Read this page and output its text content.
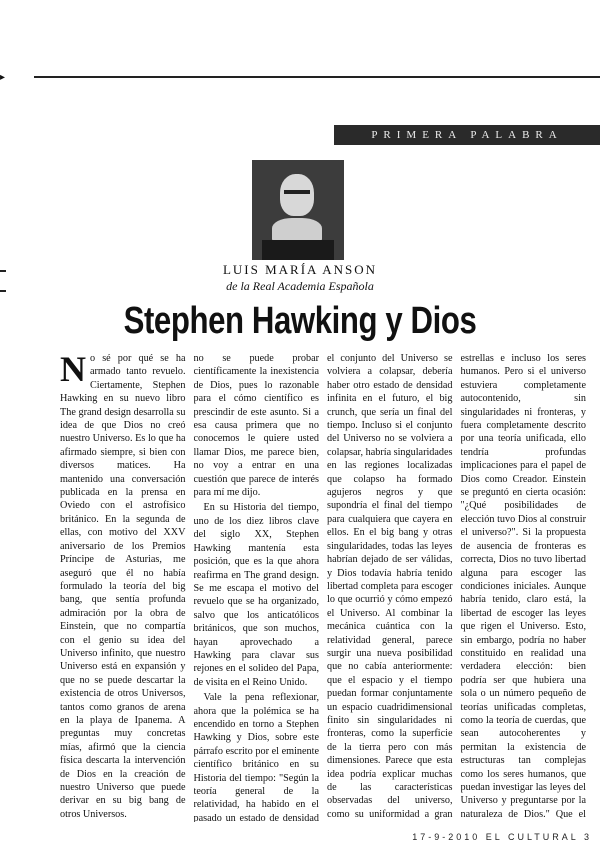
▸
PRIMERA PALABRA
LUIS MARÍA ANSON
de la Real Academia Española
Stephen Hawking y Dios

No sé por qué se ha armado tanto revuelo. Ciertamente, Stephen Hawking en su nuevo libro The grand design desarrolla su idea de que Dios no creó nuestro Universo. Es lo que ha afirmado siempre, si bien con diversos matices. Ha mantenido una conversación publicada en la prensa en Oviedo con el astrofísico británico. En la segunda de ellas, con motivo del XXV aniversario de los Premios Príncipe de Asturias, me aseguró que él no había formulado la teoría del big bang, que sentía profunda admiración por la obra de Einstein, que no compartía con el genio su idea del Universo infinito, que nuestro Universo está en expansión y que no se puede descartar la existencia de otros Universos, tantos como granos de arena en la playa de Ipanema. A preguntas muy concretas mías, afirmó que la ciencia física descarta la intervención de Dios en la creación de nuestro Universo que puede derivar en su big bang de otros Universos.

no se puede probar científicamente la inexistencia de Dios, pues lo razonable para el cómo científico es prescindir de este asunto. Si a esa causa primera que no conocemos le quiere usted llamar Dios, me parece bien, no voy a entrar en una cuestión que parece de interés para mí me dijo.

En su Historia del tiempo, uno de los diez libros clave del siglo XX, Stephen Hawking mantenía esta posición, que es la que ahora reafirma en The grand design. Se me escapa el motivo del revuelo que se ha organizado, salvo que los anticatólicos británicos, que son muchos, hayan aprovechado a Hawking para clavar sus rejones en el solideo del Papa, de visita en el Reino Unido.

Vale la pena reflexionar, ahora que la polémica se ha encendido en torno a Stephen Hawking y Dios, sobre este párrafo escrito por el eminente científico británico en su Historia del tiempo: "Según la teoría general de la relatividad, ha habido en el pasado un estado de densidad

el conjunto del Universo se volviera a colapsar, debería haber otro estado de densidad infinita en el futuro, el big crunch, que sería un final del tiempo. Incluso si el conjunto del Universo no se volviera a colapsar, habría singularidades en las regiones localizadas que colapso ha formado agujeros negros y que supondría el final del tiempo para cualquiera que cayera en ellos. En el big bang y otras singularidades, todas las leyes habrían dejado de ser válidas, y Dios todavía habría tenido libertad completa para escoger lo que ocurrió y cómo empezó el Universo. Al combinar la mecánica cuántica con la relatividad general, parece surgir una nueva posibilidad que no cabía anteriormente: que el espacio y el tiempo puedan formar conjuntamente un espacio cuadridimensional finito sin singularidades ni fronteras, como la superficie de la tierra pero con más dimensiones. Parece que esta idea podría explicar muchas de las características observadas del universo, como su uniformidad a gran

estrellas e incluso los seres humanos. Pero si el universo estuviera completamente autocontenido, sin singularidades ni fronteras, y fuera completamente descrito por una teoría unificada, ello tendría profundas implicaciones para el papel de Dios como Creador. Einstein se preguntó en cierta ocasión: "¿Qué posibilidades de elección tuvo Dios al construir el universo?". Si la propuesta de ausencia de fronteras es correcta, Dios no tuvo libertad alguna para escoger las condiciones iniciales. Aunque habría tenido, claro está, la libertad de escoger las leyes que rigen el Universo. Esto, sin embargo, podría no haber constituido en realidad una verdadera elección: bien podría ser que hubiera una sola o un número pequeño de teorías unificadas completas, como la teoría de cuerdas, que sean autocoherentes y permitan la existencia de estructuras tan complejas como los seres humanos, que puedan investigar las leyes del Universo y preguntarse por la naturaleza de Dios." Que el

17-9-2010 EL CULTURAL 3
